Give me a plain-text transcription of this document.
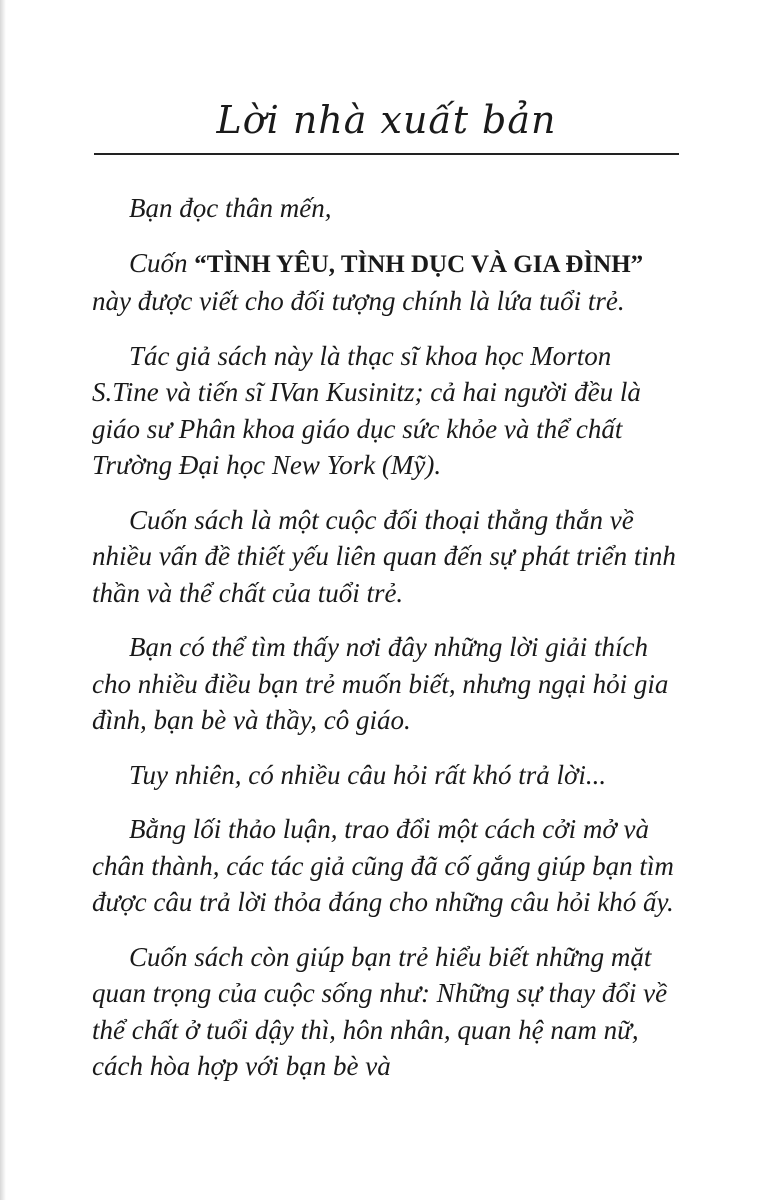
Lời nhà xuất bản

Bạn đọc thân mến,

Cuốn “TÌNH YÊU, TÌNH DỤC VÀ GIA ĐÌNH” này được viết cho đối tượng chính là lứa tuổi trẻ.

Tác giả sách này là thạc sĩ khoa học Morton S.Tine và tiến sĩ IVan Kusinitz; cả hai người đều là giáo sư Phân khoa giáo dục sức khỏe và thể chất Trường Đại học New York (Mỹ).

Cuốn sách là một cuộc đối thoại thẳng thắn về nhiều vấn đề thiết yếu liên quan đến sự phát triển tinh thần và thể chất của tuổi trẻ.

Bạn có thể tìm thấy nơi đây những lời giải thích cho nhiều điều bạn trẻ muốn biết, nhưng ngại hỏi gia đình, bạn bè và thầy, cô giáo.

Tuy nhiên, có nhiều câu hỏi rất khó trả lời...

Bằng lối thảo luận, trao đổi một cách cởi mở và chân thành, các tác giả cũng đã cố gắng giúp bạn tìm được câu trả lời thỏa đáng cho những câu hỏi khó ấy.

Cuốn sách còn giúp bạn trẻ hiểu biết những mặt quan trọng của cuộc sống như: Những sự thay đổi về thể chất ở tuổi dậy thì, hôn nhân, quan hệ nam nữ, cách hòa hợp với bạn bè và
